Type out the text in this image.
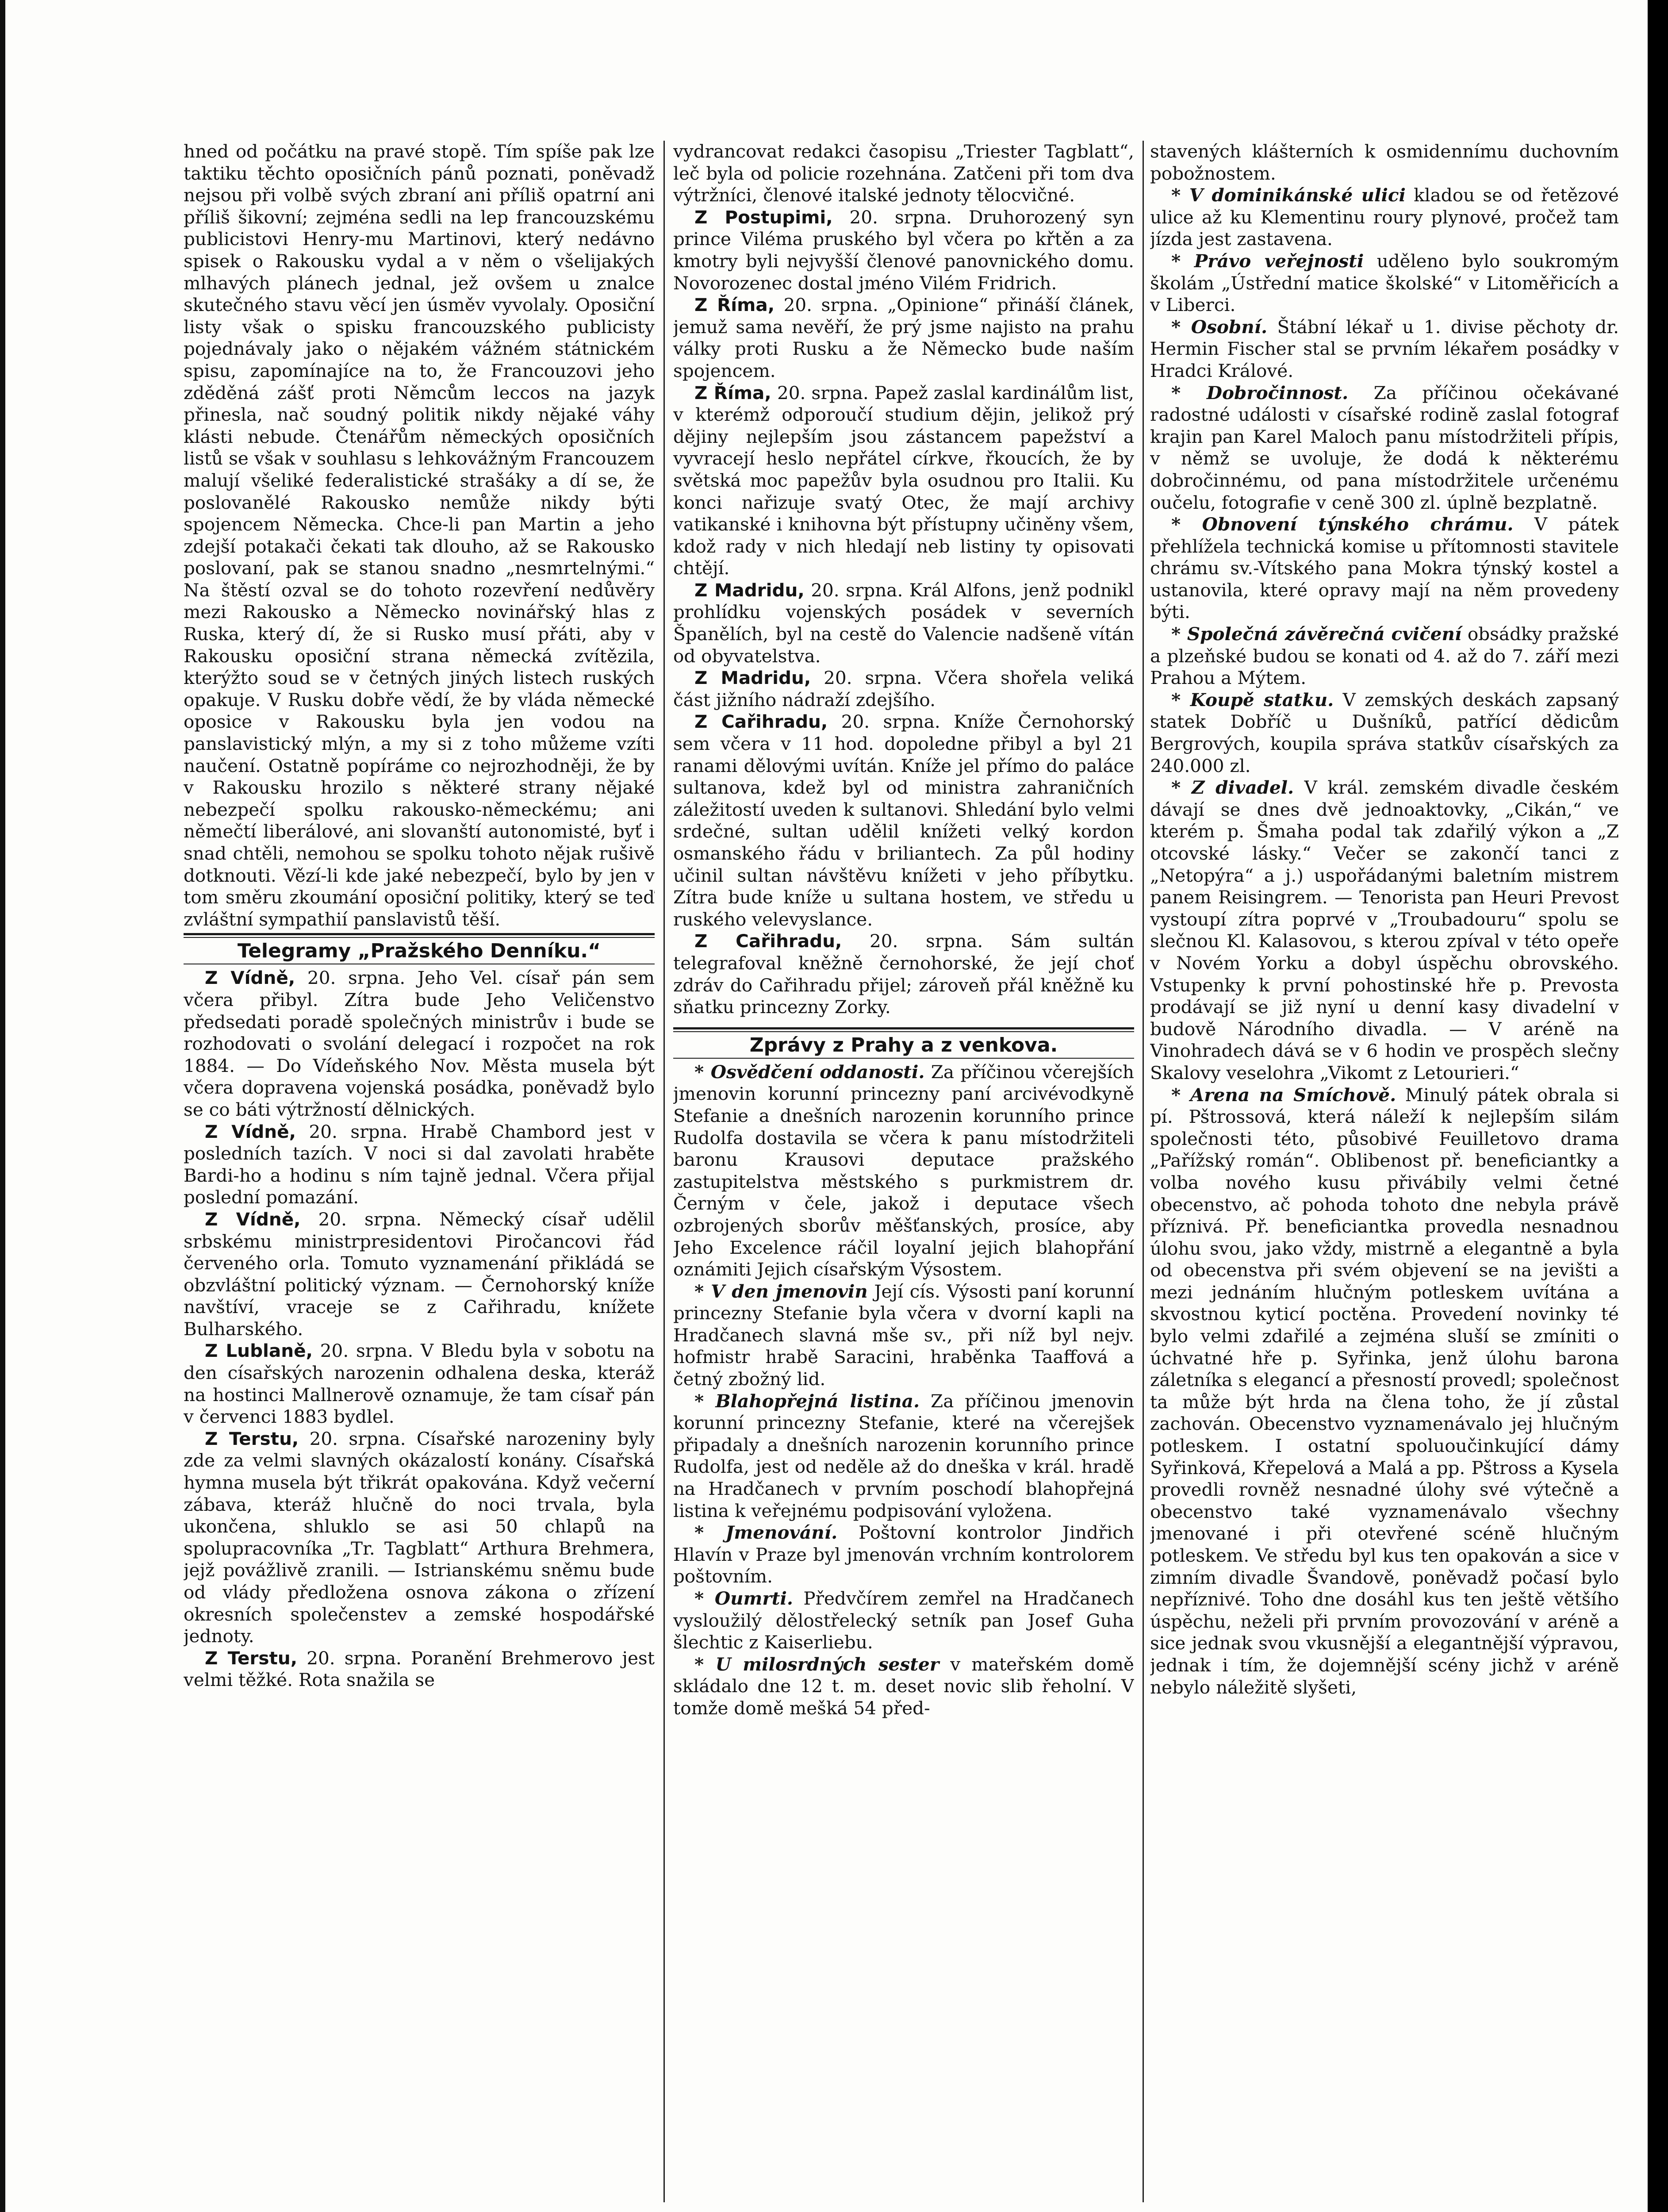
hned od počátku na pravé stopě. Tím spíše pak lze taktiku těchto oposičních pánů poznati, poněvadž nejsou při volbě svých zbraní ani příliš opatrní ani příliš šikovní; zejména sedli na lep francouzskému publicistovi Henry-mu Martinovi, který nedávno spisek o Rakousku vydal a v něm o všelijakých mlhavých plánech jednal, jež ovšem u znalce skutečného stavu věcí jen úsměv vyvolaly. Oposiční listy však o spisku francouzského publicisty pojednávaly jako o nějakém vážném státnickém spisu, zapomínajíce na to, že Francouzovi jeho zděděná zášť proti Němcům leccos na jazyk přinesla, nač soudný politik nikdy nějaké váhy klásti nebude. Čtenářům německých oposičních listů se však v souhlasu s lehkovážným Francouzem malují všeliké federalistické strašáky a dí se, že poslovanělé Rakousko nemůže nikdy býti spojencem Německa. Chce-li pan Martin a jeho zdejší potakači čekati tak dlouho, až se Rakousko poslovaní, pak se stanou snadno „nesmrtelnými.“ Na štěstí ozval se do tohoto rozevření nedůvěry mezi Rakousko a Německo novinářský hlas z Ruska, který dí, že si Rusko musí přáti, aby v Rakousku oposiční strana německá zvítězila, kterýžto soud se v četných jiných listech ruských opakuje. V Rusku dobře vědí, že by vláda německé oposice v Rakousku byla jen vodou na panslavistický mlýn, a my si z toho můžeme vzíti naučení. Ostatně popíráme co nejrozhodněji, že by v Rakousku hrozilo s některé strany nějaké nebezpečí spolku rakousko-německému; ani němečtí liberálové, ani slovanští autonomisté, byť i snad chtěli, nemohou se spolku tohoto nějak rušivě dotknouti. Vězí-li kde jaké nebezpečí, bylo by jen v tom směru zkoumání oposiční politiky, který se teď zvláštní sympathií panslavistů těší.

Telegramy „Pražského Denníku.“

Z Vídně, 20. srpna. Jeho Vel. císař pán sem včera přibyl. Zítra bude Jeho Veličenstvo předsedati poradě společných ministrův i bude se rozhodovati o svolání delegací i rozpočet na rok 1884. — Do Vídeňského Nov. Města musela být včera dopravena vojenská posádka, poněvadž bylo se co báti výtržností dělnických.

Z Vídně, 20. srpna. Hrabě Chambord jest v posledních tazích. V noci si dal zavolati hraběte Bardi-ho a hodinu s ním tajně jednal. Včera přijal poslední pomazání.

Z Vídně, 20. srpna. Německý císař udělil srbskému ministrpresidentovi Piročancovi řád červeného orla. Tomuto vyznamenání přikládá se obzvláštní politický význam. — Černohorský kníže navštíví, vraceje se z Cařihradu, knížete Bulharského.

Z Lublaně, 20. srpna. V Bledu byla v sobotu na den císařských narozenin odhalena deska, kteráž na hostinci Mallnerově oznamuje, že tam císař pán v červenci 1883 bydlel.

Z Terstu, 20. srpna. Císařské narozeniny byly zde za velmi slavných okázalostí konány. Císařská hymna musela být třikrát opakována. Když večerní zábava, kteráž hlučně do noci trvala, byla ukončena, shluklo se asi 50 chlapů na spolupracovníka „Tr. Tagblatt“ Arthura Brehmera, jejž povážlivě zranili. — Istrianskému sněmu bude od vlády předložena osnova zákona o zřízení okresních společenstev a zemské hospodářské jednoty.

Z Terstu, 20. srpna. Poranění Brehmerovo jest velmi těžké. Rota snažila se

vydrancovat redakci časopisu „Triester Tagblatt“, leč byla od policie rozehnána. Zatčeni při tom dva výtržníci, členové italské jednoty tělocvičné.

Z Postupimi, 20. srpna. Druhorozený syn prince Viléma pruského byl včera po křtěn a za kmotry byli nejvyšší členové panovnického domu. Novorozenec dostal jméno Vilém Fridrich.

Z Říma, 20. srpna. „Opinione“ přináší článek, jemuž sama nevěří, že prý jsme najisto na prahu války proti Rusku a že Německo bude naším spojencem.

Z Říma, 20. srpna. Papež zaslal kardinálům list, v kterémž odporoučí studium dějin, jelikož prý dějiny nejlepším jsou zástancem papežství a vyvracejí heslo nepřátel církve, řkoucích, že by světská moc papežův byla osudnou pro Italii. Ku konci nařizuje svatý Otec, že mají archivy vatikanské i knihovna být přístupny učiněny všem, kdož rady v nich hledají neb listiny ty opisovati chtějí.

Z Madridu, 20. srpna. Král Alfons, jenž podnikl prohlídku vojenských posádek v severních Španělích, byl na cestě do Valencie nadšeně vítán od obyvatelstva.

Z Madridu, 20. srpna. Včera shořela veliká část jižního nádraží zdejšího.

Z Cařihradu, 20. srpna. Kníže Černohorský sem včera v 11 hod. dopoledne přibyl a byl 21 ranami dělovými uvítán. Kníže jel přímo do paláce sultanova, kdež byl od ministra zahraničních záležitostí uveden k sultanovi. Shledání bylo velmi srdečné, sultan udělil knížeti velký kordon osmanského řádu v briliantech. Za půl hodiny učinil sultan návštěvu knížeti v jeho příbytku. Zítra bude kníže u sultana hostem, ve středu u ruského velevyslance.

Z Cařihradu, 20. srpna. Sám sultán telegrafoval kněžně černohorské, že její choť zdráv do Cařihradu přijel; zároveň přál kněžně ku sňatku princezny Zorky.

Zprávy z Prahy a z venkova.

* Osvědčení oddanosti. Za příčinou včerejších jmenovin korunní princezny paní arcivévodkyně Stefanie a dnešních narozenin korunního prince Rudolfa dostavila se včera k panu místodržiteli baronu Krausovi deputace pražského zastupitelstva městského s purkmistrem dr. Černým v čele, jakož i deputace všech ozbrojených sborův měšťanských, prosíce, aby Jeho Excelence ráčil loyalní jejich blahopřání oznámiti Jejich císařským Výsostem.

* V den jmenovin Její cís. Výsosti paní korunní princezny Stefanie byla včera v dvorní kapli na Hradčanech slavná mše sv., při níž byl nejv. hofmistr hrabě Saracini, hraběnka Taaffová a četný zbožný lid.

* Blahopřejná listina. Za příčinou jmenovin korunní princezny Stefanie, které na včerejšek připadaly a dnešních narozenin korunního prince Rudolfa, jest od neděle až do dneška v král. hradě na Hradčanech v prvním poschodí blahopřejná listina k veřejnému podpisování vyložena.

* Jmenování. Poštovní kontrolor Jindřich Hlavín v Praze byl jmenován vrchním kontrolorem poštovním.

* Oumrti. Předvčírem zemřel na Hradčanech vysloužilý dělostřelecký setník pan Josef Guha šlechtic z Kaiserliebu.

* U milosrdných sester v mateřském domě skládalo dne 12 t. m. deset novic slib řeholní. V tomže domě mešká 54 před-

stavených klášterních k osmidennímu duchovním pobožnostem.

* V dominikánské ulici kladou se od řetězové ulice až ku Klementinu roury plynové, pročež tam jízda jest zastavena.

* Právo veřejnosti uděleno bylo soukromým školám „Ústřední matice školské“ v Litoměřicích a v Liberci.

* Osobní. Štábní lékař u 1. divise pěchoty dr. Hermin Fischer stal se prvním lékařem posádky v Hradci Králové.

* Dobročinnost. Za příčinou očekávané radostné události v císařské rodině zaslal fotograf krajin pan Karel Maloch panu místodržiteli přípis, v němž se uvoluje, že dodá k některému dobročinnému, od pana místodržitele určenému oučelu, fotografie v ceně 300 zl. úplně bezplatně.

* Obnovení týnského chrámu. V pátek přehlížela technická komise u přítomnosti stavitele chrámu sv.-Vítského pana Mokra týnský kostel a ustanovila, které opravy mají na něm provedeny býti.

* Společná závěrečná cvičení obsádky pražské a plzeňské budou se konati od 4. až do 7. září mezi Prahou a Mýtem.

* Koupě statku. V zemských deskách zapsaný statek Dobříč u Dušníků, patřící dědicům Bergrových, koupila správa statkův císařských za 240.000 zl.

* Z divadel. V král. zemském divadle českém dávají se dnes dvě jednoaktovky, „Cikán,“ ve kterém p. Šmaha podal tak zdařilý výkon a „Z otcovské lásky.“ Večer se zakončí tanci z „Netopýra“ a j.) uspořádanými baletním mistrem panem Reisingrem. — Tenorista pan Heuri Prevost vystoupí zítra poprvé v „Troubadouru“ spolu se slečnou Kl. Kalasovou, s kterou zpíval v této opeře v Novém Yorku a dobyl úspěchu obrovského. Vstupenky k první pohostinské hře p. Prevosta prodávají se již nyní u denní kasy divadelní v budově Národního divadla. — V aréně na Vinohradech dává se v 6 hodin ve prospěch slečny Skalovy veselohra „Vikomt z Letourieri.“

* Arena na Smíchově. Minulý pátek obrala si pí. Pštrossová, která náleží k nejlepším silám společnosti této, působivé Feuilletovo drama „Pařížský román“. Oblibenost př. beneficiantky a volba nového kusu přivábily velmi četné obecenstvo, ač pohoda tohoto dne nebyla právě příznivá. Př. beneficiantka provedla nesnadnou úlohu svou, jako vždy, mistrně a elegantně a byla od obecenstva při svém objevení se na jevišti a mezi jednáním hlučným potleskem uvítána a skvostnou kyticí poctěna. Provedení novinky té bylo velmi zdařilé a zejména sluší se zmíniti o úchvatné hře p. Syřinka, jenž úlohu barona záletníka s elegancí a přesností provedl; společnost ta může být hrda na člena toho, že jí zůstal zachován. Obecenstvo vyznamenávalo jej hlučným potleskem. I ostatní spoluoučinkující dámy Syřinková, Křepelová a Malá a pp. Pštross a Kysela provedli rovněž nesnadné úlohy své výtečně a obecenstvo také vyznamenávalo všechny jmenované i při otevřené scéně hlučným potleskem. Ve středu byl kus ten opakován a sice v zimním divadle Švandově, poněvadž počasí bylo nepříznivé. Toho dne dosáhl kus ten ještě většího úspěchu, neželi při prvním provozování v aréně a sice jednak svou vkusnější a elegantnější výpravou, jednak i tím, že dojemnější scény jichž v aréně nebylo náležitě slyšeti,
